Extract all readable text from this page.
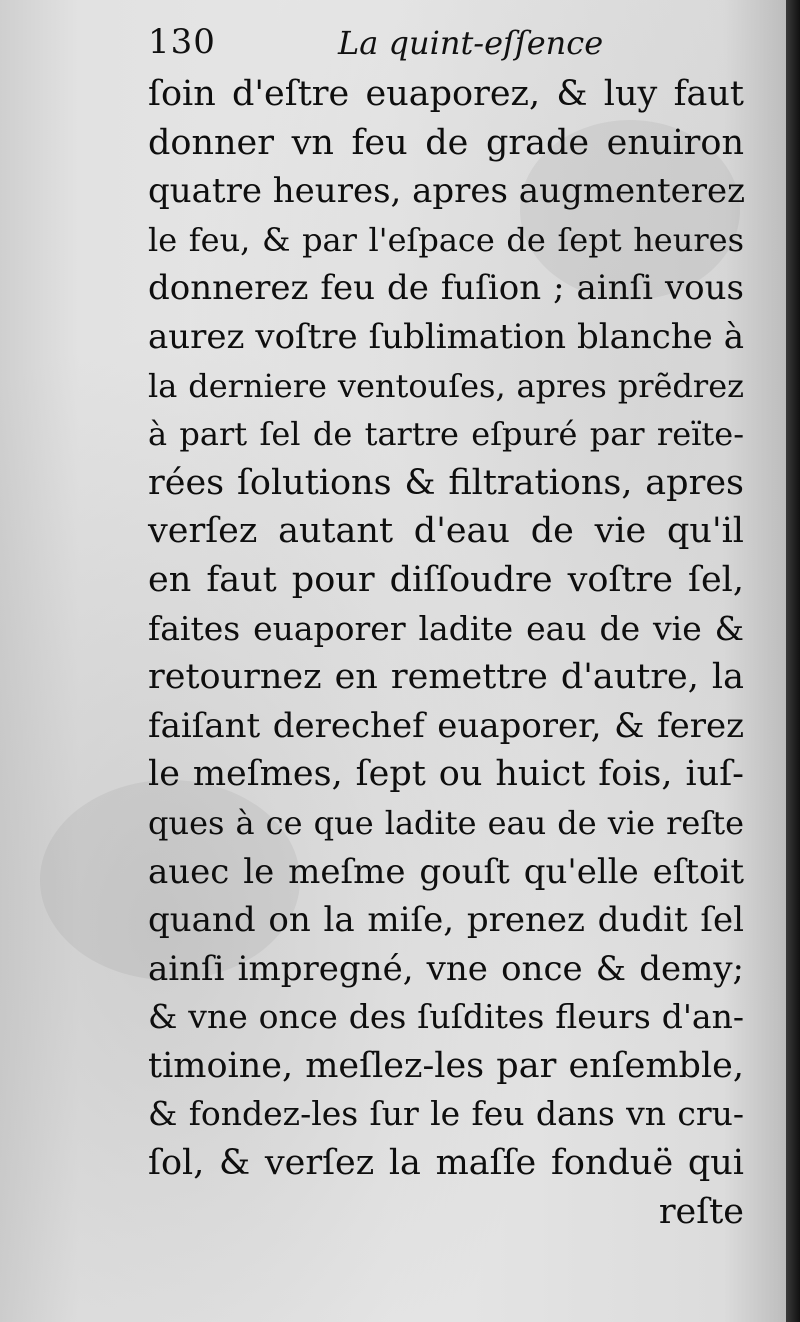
130	La quint-eſſence
ſoin d'eſtre euaporez, & luy faut
donner vn feu de grade enuiron
quatre heures, apres augmenterez
le feu, & par l'eſpace de ſept heures
donnerez feu de fuſion ; ainſi vous
aurez voſtre ſublimation blanche à
la derniere ventouſes, apres prẽdrez
à part ſel de tartre eſpuré par reïte-
rées ſolutions & filtrations, apres
verſez autant d'eau de vie qu'il
en faut pour diſſoudre voſtre ſel,
faites euaporer ladite eau de vie &
retournez en remettre d'autre, la
faiſant derechef euaporer, & ferez
le meſmes, ſept ou huict fois, iuſ-
ques à ce que ladite eau de vie reſte
auec le meſme gouſt qu'elle eſtoit
quand on la miſe, prenez dudit ſel
ainſi impregné, vne once & demy;
& vne once des ſuſdites fleurs d'an-
timoine, meſlez-les par enſemble,
& fondez-les ſur le feu dans vn cru-
ſol, & verſez la maſſe fonduë qui
reſte
